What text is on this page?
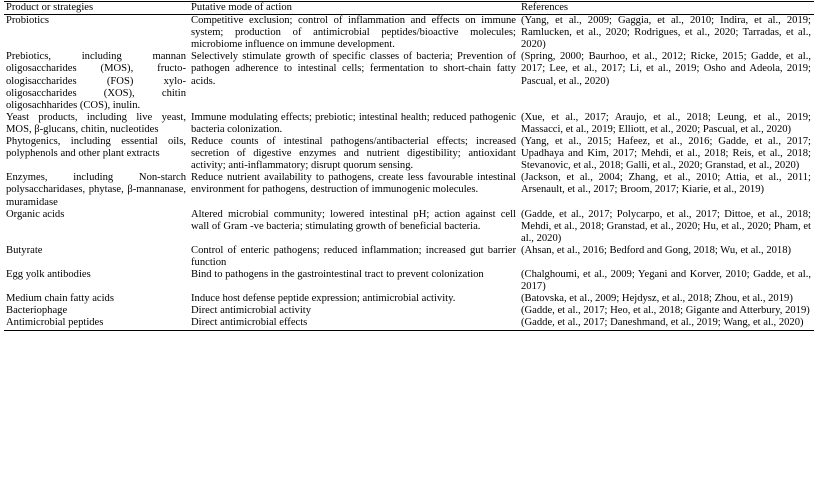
Product or strategies	Putative mode of action	References
Probiotics	Competitive exclusion; control of inflammation and effects on immune system; production of antimicrobial peptides/bioactive molecules; microbiome influence on immune development.	(Yang, et al., 2009; Gaggia, et al., 2010; Indira, et al., 2019; Ramlucken, et al., 2020; Rodrigues, et al., 2020; Tarradas, et al., 2020)
Prebiotics, including mannan oligosaccharides (MOS), fructo-ologisaccharides (FOS) xylo-oligosaccharides (XOS), chitin oligosachharides (COS), inulin.	Selectively stimulate growth of specific classes of bacteria; Prevention of pathogen adherence to intestinal cells; fermentation to short-chain fatty acids.	(Spring, 2000; Baurhoo, et al., 2012; Ricke, 2015; Gadde, et al., 2017; Lee, et al., 2017; Li, et al., 2019; Osho and Adeola, 2019; Pascual, et al., 2020)
Yeast products, including live yeast, MOS, β-glucans, chitin, nucleotides	Immune modulating effects; prebiotic; intestinal health; reduced pathogenic bacteria colonization.	(Xue, et al., 2017; Araujo, et al., 2018; Leung, et al., 2019; Massacci, et al., 2019; Elliott, et al., 2020; Pascual, et al., 2020)
Phytogenics, including essential oils, polyphenols and other plant extracts	Reduce counts of intestinal pathogens/antibacterial effects; increased secretion of digestive enzymes and nutrient digestibility; antioxidant activity; anti-inflammatory; disrupt quorum sensing.	(Yang, et al., 2015; Hafeez, et al., 2016; Gadde, et al., 2017; Upadhaya and Kim, 2017; Mehdi, et al., 2018; Reis, et al., 2018; Stevanovic, et al., 2018; Galli, et al., 2020; Granstad, et al., 2020)
Enzymes, including Non-starch polysaccharidases, phytase, β-mannanase, muramidase	Reduce nutrient availability to pathogens, create less favourable intestinal environment for pathogens, destruction of immunogenic molecules.	(Jackson, et al., 2004; Zhang, et al., 2010; Attia, et al., 2011; Arsenault, et al., 2017; Broom, 2017; Kiarie, et al., 2019)
Organic acids	Altered microbial community; lowered intestinal pH; action against cell wall of Gram -ve bacteria; stimulating growth of beneficial bacteria.	(Gadde, et al., 2017; Polycarpo, et al., 2017; Dittoe, et al., 2018; Mehdi, et al., 2018; Granstad, et al., 2020; Hu, et al., 2020; Pham, et al., 2020)
Butyrate	Control of enteric pathogens; reduced inflammation; increased gut barrier function	(Ahsan, et al., 2016; Bedford and Gong, 2018; Wu, et al., 2018)
Egg yolk antibodies	Bind to pathogens in the gastrointestinal tract to prevent colonization	(Chalghoumi, et al., 2009; Yegani and Korver, 2010; Gadde, et al., 2017)
Medium chain fatty acids	Induce host defense peptide expression; antimicrobial activity.	(Batovska, et al., 2009; Hejdysz, et al., 2018; Zhou, et al., 2019)
Bacteriophage	Direct antimicrobial activity	(Gadde, et al., 2017; Heo, et al., 2018; Gigante and Atterbury, 2019)
Antimicrobial peptides	Direct antimicrobial effects	(Gadde, et al., 2017; Daneshmand, et al., 2019; Wang, et al., 2020)
